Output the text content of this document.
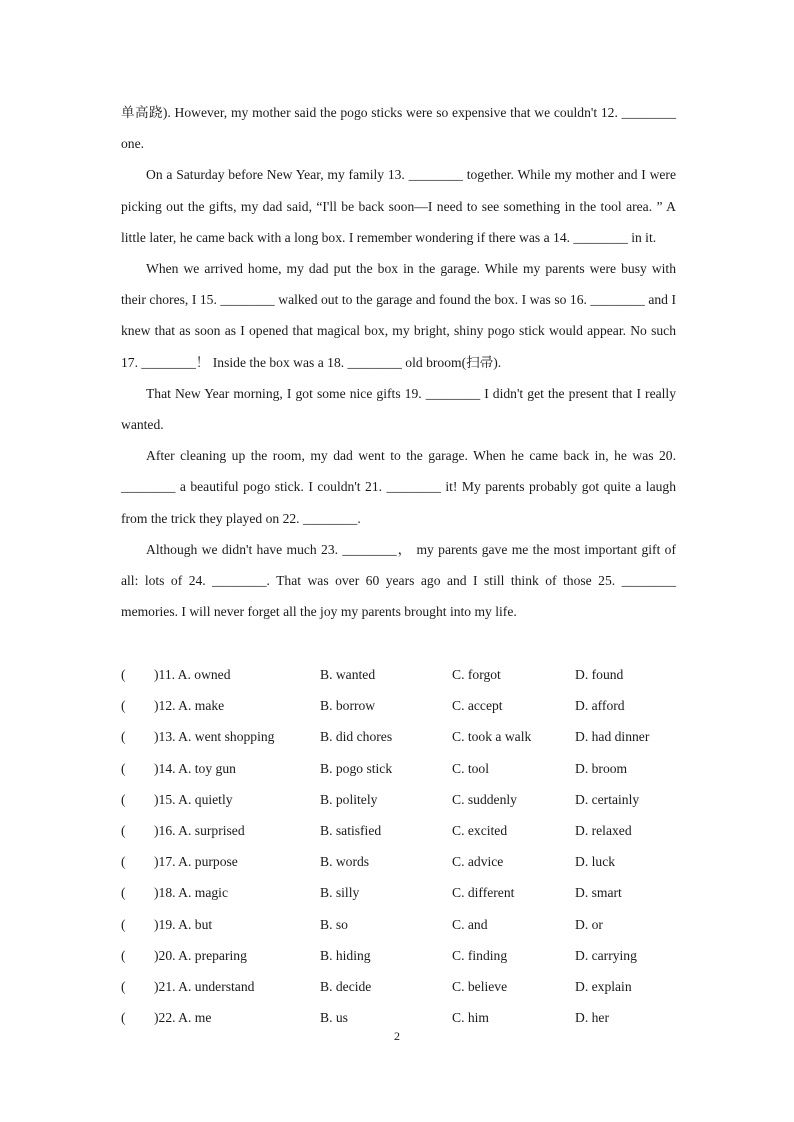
单高跷). However, my mother said the pogo sticks were so expensive that we couldn't 12. ________ one.

On a Saturday before New Year, my family 13. ________ together. While my mother and I were picking out the gifts, my dad said, “I'll be back soon—I need to see something in the tool area. ” A little later, he came back with a long box. I remember wondering if there was a 14. ________ in it.

When we arrived home, my dad put the box in the garage. While my parents were busy with their chores, I 15. ________ walked out to the garage and found the box. I was so 16. ________ and I knew that as soon as I opened that magical box, my bright, shiny pogo stick would appear. No such 17. ________！ Inside the box was a 18. ________ old broom(扫帚).

That New Year morning, I got some nice gifts 19. ________ I didn't get the present that I really wanted.

After cleaning up the room, my dad went to the garage. When he came back in, he was 20. ________ a beautiful pogo stick. I couldn't 21. ________ it! My parents probably got quite a laugh from the trick they played on 22. ________.

Although we didn't have much 23. ________， my parents gave me the most important gift of all: lots of 24. ________. That was over 60 years ago and I still think of those 25. ________ memories. I will never forget all the joy my parents brought into my life.

( )11. A. owned	B. wanted	C. forgot	D. found
( )12. A. make	B. borrow	C. accept	D. afford
( )13. A. went shopping	B. did chores	C. took a walk	D. had dinner
( )14. A. toy gun	B. pogo stick	C. tool	D. broom
( )15. A. quietly	B. politely	C. suddenly	D. certainly
( )16. A. surprised	B. satisfied	C. excited	D. relaxed
( )17. A. purpose	B. words	C. advice	D. luck
( )18. A. magic	B. silly	C. different	D. smart
( )19. A. but	B. so	C. and	D. or
( )20. A. preparing	B. hiding	C. finding	D. carrying
( )21. A. understand	B. decide	C. believe	D. explain
( )22. A. me	B. us	C. him	D. her
2
